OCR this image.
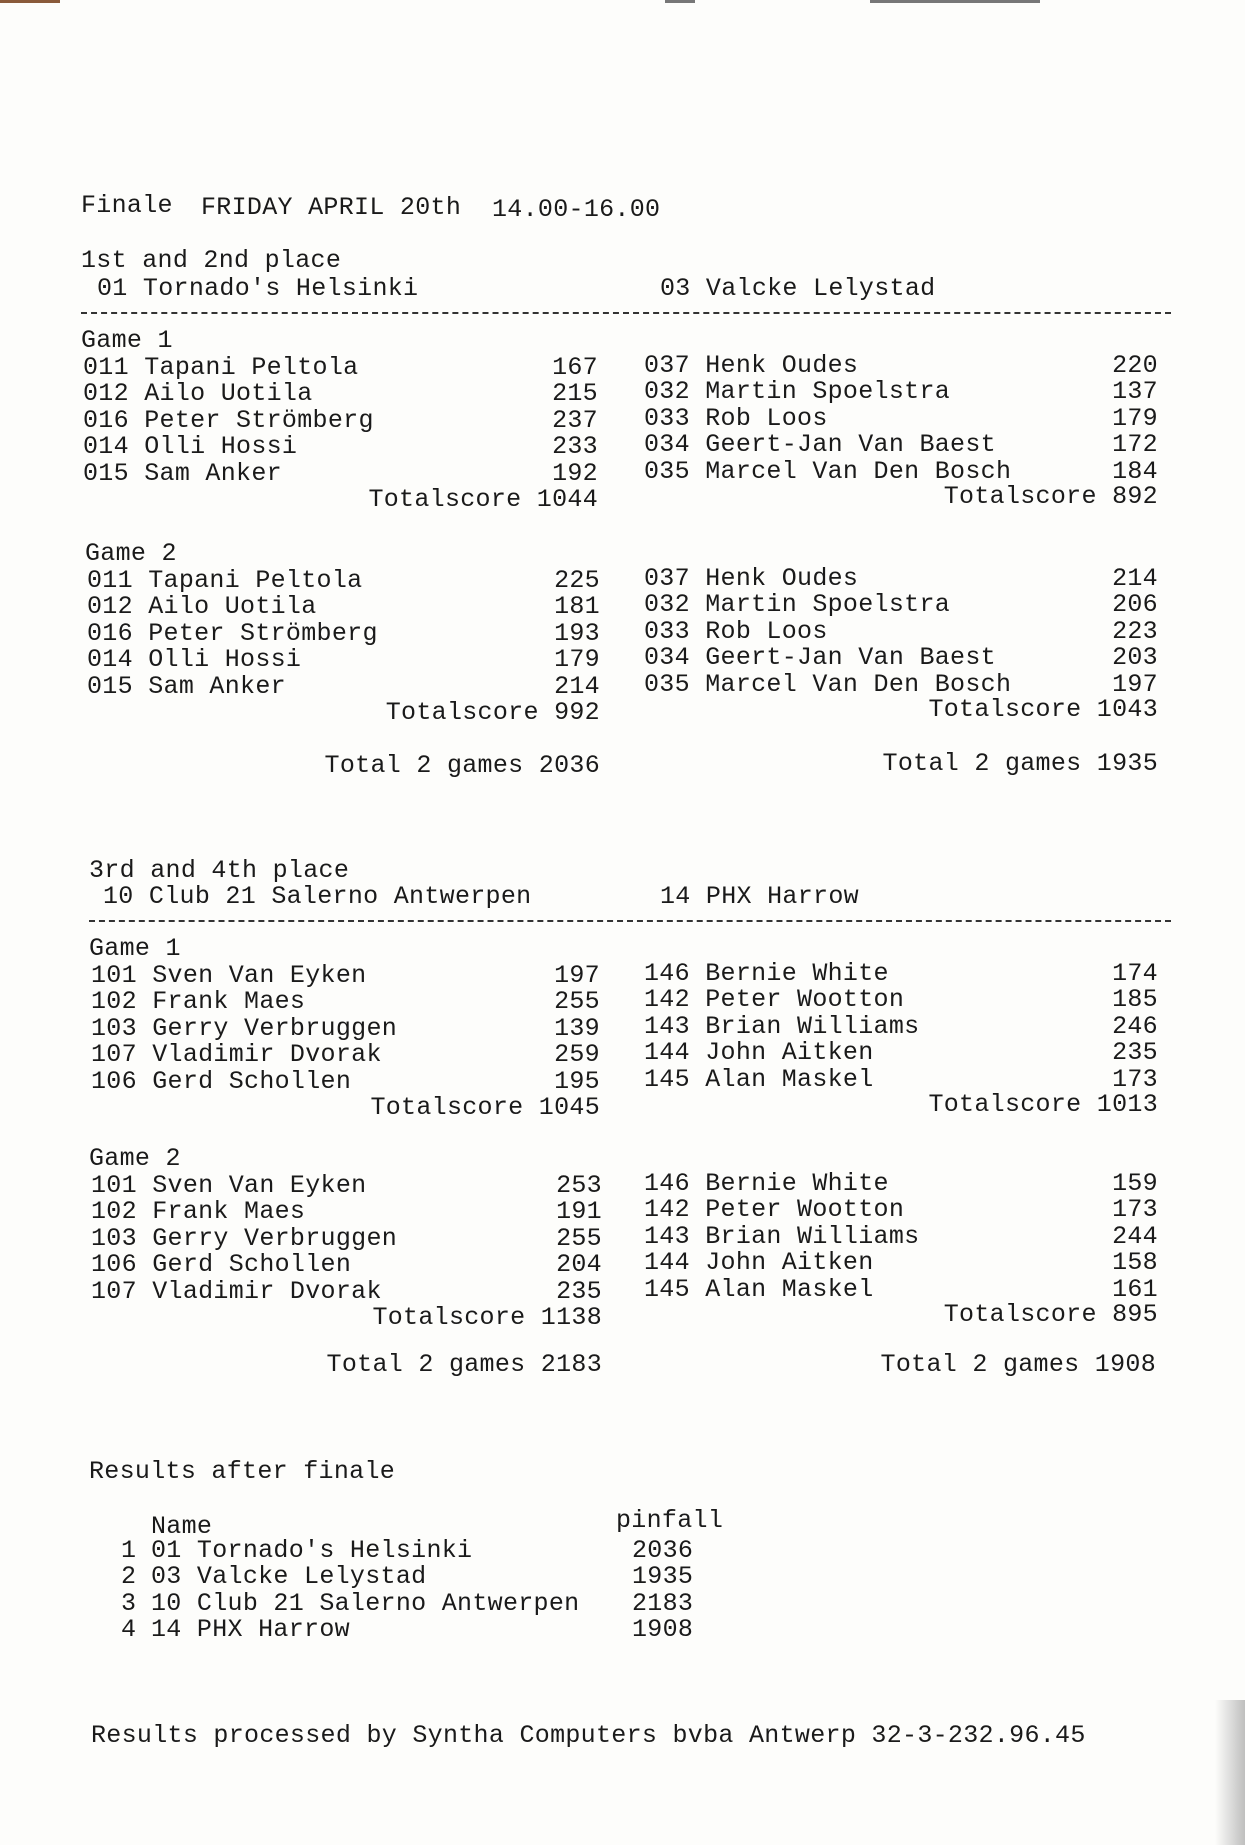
Finale FRIDAY APRIL 20th 14.00-16.00
1st and 2nd place
01 Tornado's Helsinki	03 Valcke Lelystad
Game 1
011 Tapani Peltola	167
012 Ailo Uotila	215
016 Peter Strömberg	237
014 Olli Hossi	233
015 Sam Anker	192
037 Henk Oudes	220
032 Martin Spoelstra	137
033 Rob Loos	179
034 Geert-Jan Van Baest	172
035 Marcel Van Den Bosch	184
Totalscore 1044	Totalscore 892
Game 2
011 Tapani Peltola	225
012 Ailo Uotila	181
016 Peter Strömberg	193
014 Olli Hossi	179
015 Sam Anker	214
037 Henk Oudes	214
032 Martin Spoelstra	206
033 Rob Loos	223
034 Geert-Jan Van Baest	203
035 Marcel Van Den Bosch	197
Totalscore 992	Totalscore 1043
Total 2 games 2036	Total 2 games 1935
3rd and 4th place
10 Club 21 Salerno Antwerpen	14 PHX Harrow
Game 1
101 Sven Van Eyken	197
102 Frank Maes	255
103 Gerry Verbruggen	139
107 Vladimir Dvorak	259
106 Gerd Schollen	195
146 Bernie White	174
142 Peter Wootton	185
143 Brian Williams	246
144 John Aitken	235
145 Alan Maskel	173
Totalscore 1045	Totalscore 1013
Game 2
101 Sven Van Eyken	253
102 Frank Maes	191
103 Gerry Verbruggen	255
106 Gerd Schollen	204
107 Vladimir Dvorak	235
146 Bernie White	159
142 Peter Wootton	173
143 Brian Williams	244
144 John Aitken	158
145 Alan Maskel	161
Totalscore 1138	Totalscore 895
Total 2 games 2183	Total 2 games 1908
Results after finale
Name	pinfall
1 01 Tornado's Helsinki	2036
2 03 Valcke Lelystad	1935
3 10 Club 21 Salerno Antwerpen 2183
4 14 PHX Harrow	1908
Results processed by Syntha Computers bvba Antwerp 32-3-232.96.45
